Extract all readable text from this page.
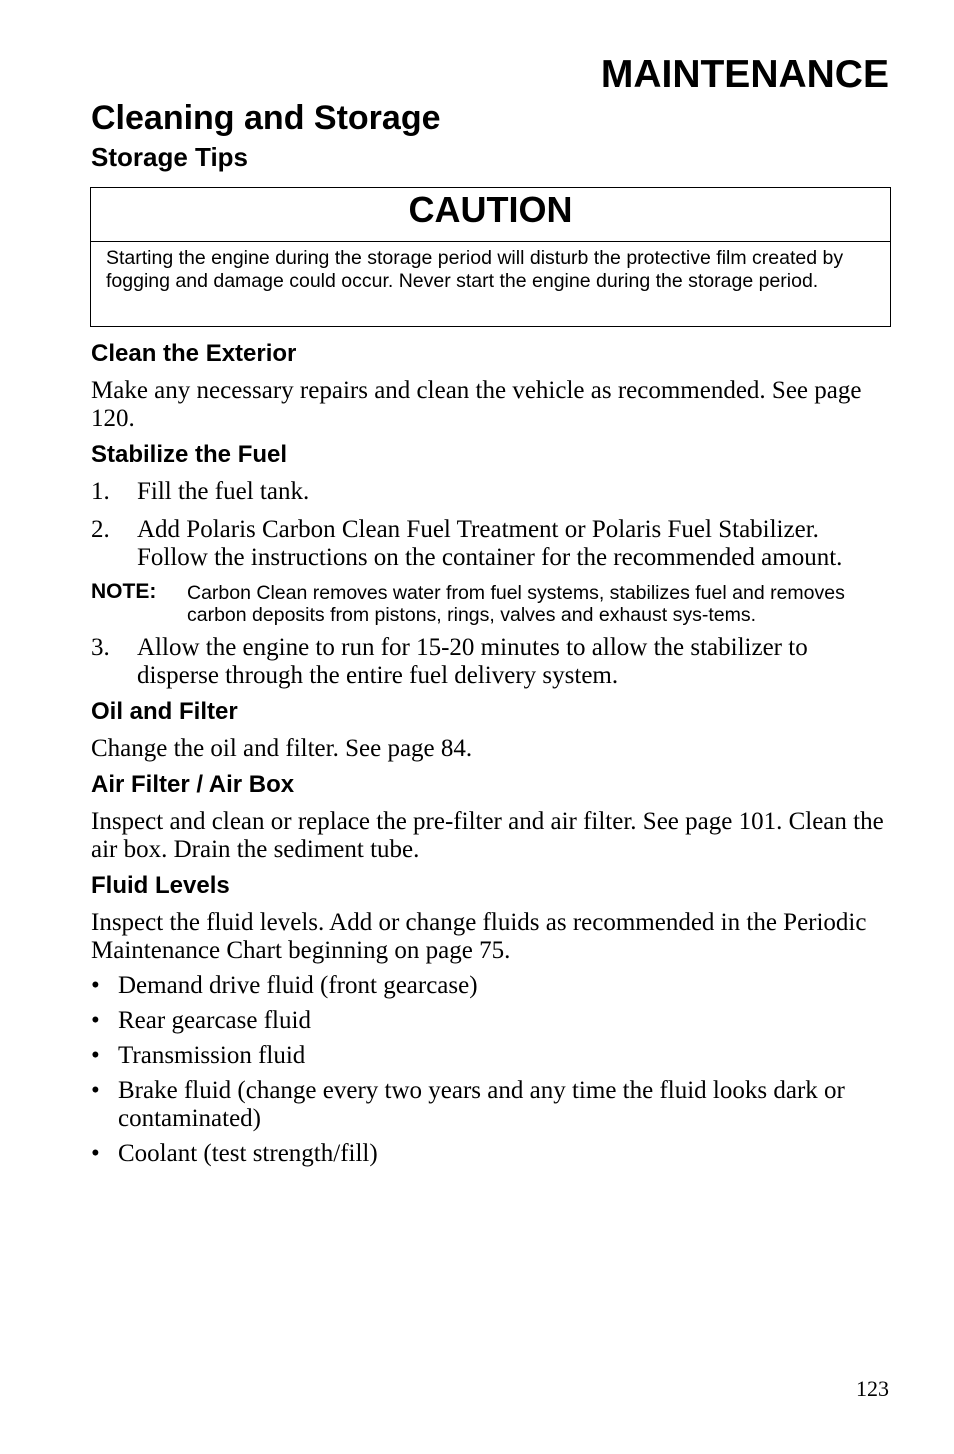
MAINTENANCE
Cleaning and Storage
Storage Tips
CAUTION
Starting the engine during the storage period will disturb the protective film created by fogging and damage could occur. Never start the engine during the storage period.
Clean the Exterior
Make any necessary repairs and clean the vehicle as recommended. See page 120.
Stabilize the Fuel
1.	Fill the fuel tank.
2.	Add Polaris Carbon Clean Fuel Treatment or Polaris Fuel Stabilizer. Follow the instructions on the container for the recommended amount.
NOTE:	Carbon Clean removes water from fuel systems, stabilizes fuel and removes carbon deposits from pistons, rings, valves and exhaust sys-tems.
3.	Allow the engine to run for 15-20 minutes to allow the stabilizer to disperse through the entire fuel delivery system.
Oil and Filter
Change the oil and filter. See page 84.
Air Filter / Air Box
Inspect and clean or replace the pre-filter and air filter. See page 101. Clean the air box. Drain the sediment tube.
Fluid Levels
Inspect the fluid levels. Add or change fluids as recommended in the Periodic Maintenance Chart beginning on page 75.
• Demand drive fluid (front gearcase)
• Rear gearcase fluid
• Transmission fluid
• Brake fluid (change every two years and any time the fluid looks dark or contaminated)
• Coolant (test strength/fill)
123
